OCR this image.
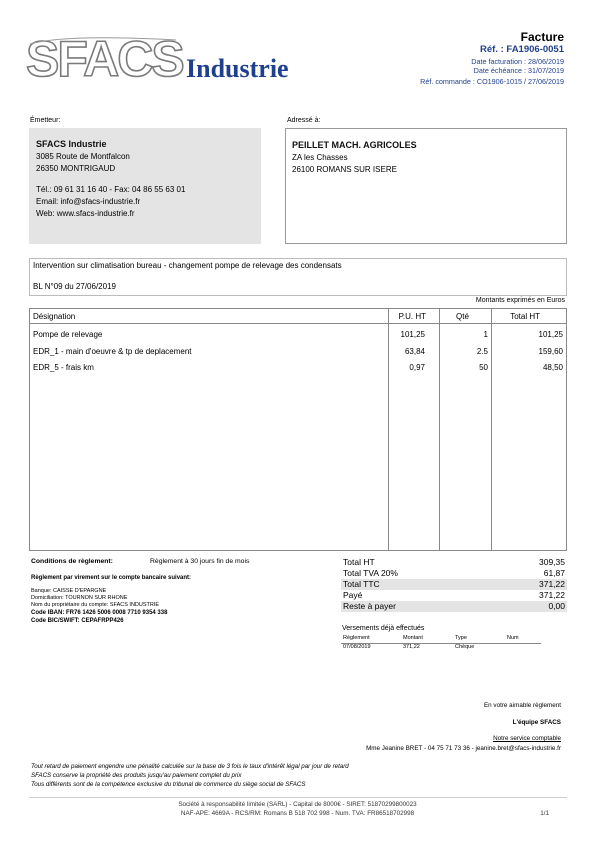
SFACS Industrie
Facture
Réf. : FA1906-0051
Date facturation : 28/06/2019
Date échéance : 31/07/2019
Réf. commande : CO1906-1015 / 27/06/2019
Émetteur:	Adressé à:
SFACS Industrie
3085 Route de Montfalcon
26350 MONTRIGAUD
Tél.: 09 61 31 16 40 - Fax: 04 86 55 63 01
Email: info@sfacs-industrie.fr
Web: www.sfacs-industrie.fr
PEILLET MACH. AGRICOLES
ZA les Chasses
26100 ROMANS SUR ISERE
Intervention sur climatisation bureau - changement pompe de relevage des condensats
BL N°09 du 27/06/2019
Montants exprimés en Euros
Désignation	P.U. HT	Qté	Total HT
Pompe de relevage	101,25	1	101,25
EDR_1 - main d'oeuvre & tp de deplacement	63,84	2.5	159,60
EDR_5 - frais km	0,97	50	48,50
Conditions de règlement:	Règlement à 30 jours fin de mois
Règlement par virement sur le compte bancaire suivant:
Banque: CAISSE D'EPARGNE
Domiciliation: TOURNON SUR RHONE
Nom du propriétaire du compte: SFACS INDUSTRIE
Code IBAN: FR76 1426 5006 0008 7710 9354 338
Code BIC/SWIFT: CEPAFRPP426
Total HT	309,35
Total TVA 20%	61,87
Total TTC	371,22
Payé	371,22
Reste à payer	0,00
Versements déjà effectués
Règlement	Montant	Type	Num
07/08/2019	371,22	Chèque
En votre aimable règlement
L'équipe SFACS
Notre service comptable
Mme Jeanine BRET - 04 75 71 73 36 - jeanine.bret@sfacs-industrie.fr
Tout retard de paiement engendre une pénalité calculée sur la base de 3 fois le taux d'intérêt légal par jour de retard
SFACS conserve la propriété des produits jusqu'au paiement complet du prix
Tous différents sont de la compétence exclusive du tribunal de commerce du siège social de SFACS
Société à responsabilité limitée (SARL) - Capital de 8000€ - SIRET: 51870299800023
NAF-APE: 4669A - RCS/RM: Romans B 518 702 998 - Num. TVA: FR86518702998	1/1
